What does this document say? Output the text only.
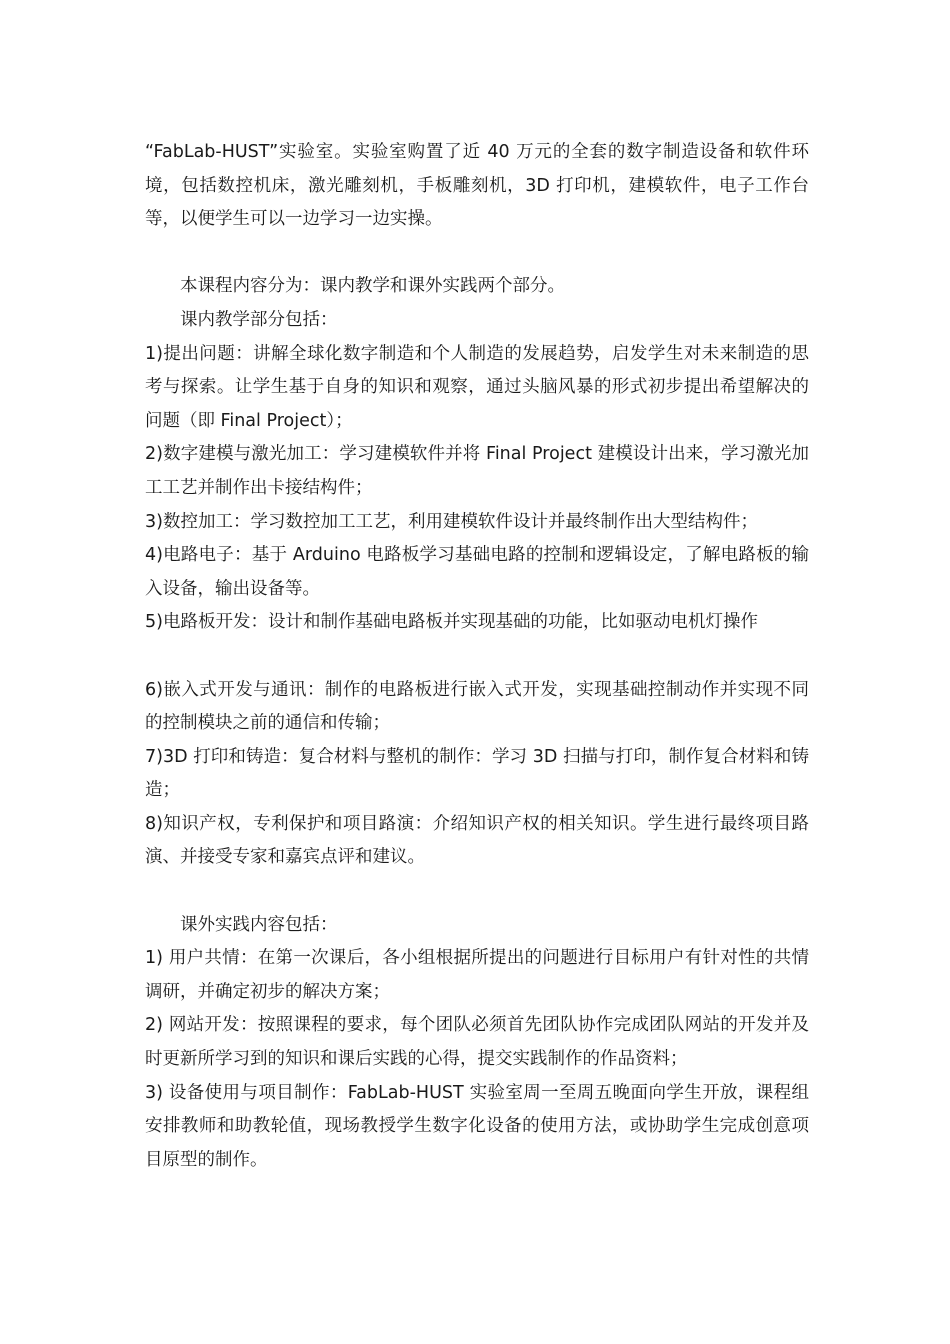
“FabLab-HUST”实验室。实验室购置了近 40 万元的全套的数字制造设备和软件环境，包括数控机床，激光雕刻机，手板雕刻机，3D 打印机，建模软件，电子工作台等，以便学生可以一边学习一边实操。

本课程内容分为：课内教学和课外实践两个部分。

课内教学部分包括：

1)提出问题：讲解全球化数字制造和个人制造的发展趋势，启发学生对未来制造的思考与探索。让学生基于自身的知识和观察，通过头脑风暴的形式初步提出希望解决的问题（即 Final Project）；

2)数字建模与激光加工：学习建模软件并将 Final Project 建模设计出来，学习激光加工工艺并制作出卡接结构件；

3)数控加工：学习数控加工工艺，利用建模软件设计并最终制作出大型结构件；

4)电路电子：基于 Arduino 电路板学习基础电路的控制和逻辑设定，了解电路板的输入设备，输出设备等。

5)电路板开发：设计和制作基础电路板并实现基础的功能，比如驱动电机灯操作

6)嵌入式开发与通讯：制作的电路板进行嵌入式开发，实现基础控制动作并实现不同的控制模块之前的通信和传输；

7)3D 打印和铸造：复合材料与整机的制作：学习 3D 扫描与打印，制作复合材料和铸造；

8)知识产权，专利保护和项目路演：介绍知识产权的相关知识。学生进行最终项目路演、并接受专家和嘉宾点评和建议。

课外实践内容包括：

1) 用户共情：在第一次课后，各小组根据所提出的问题进行目标用户有针对性的共情调研，并确定初步的解决方案；

2) 网站开发：按照课程的要求，每个团队必须首先团队协作完成团队网站的开发并及时更新所学习到的知识和课后实践的心得，提交实践制作的作品资料；

3) 设备使用与项目制作：FabLab-HUST 实验室周一至周五晚面向学生开放，课程组安排教师和助教轮值，现场教授学生数字化设备的使用方法，或协助学生完成创意项目原型的制作。
